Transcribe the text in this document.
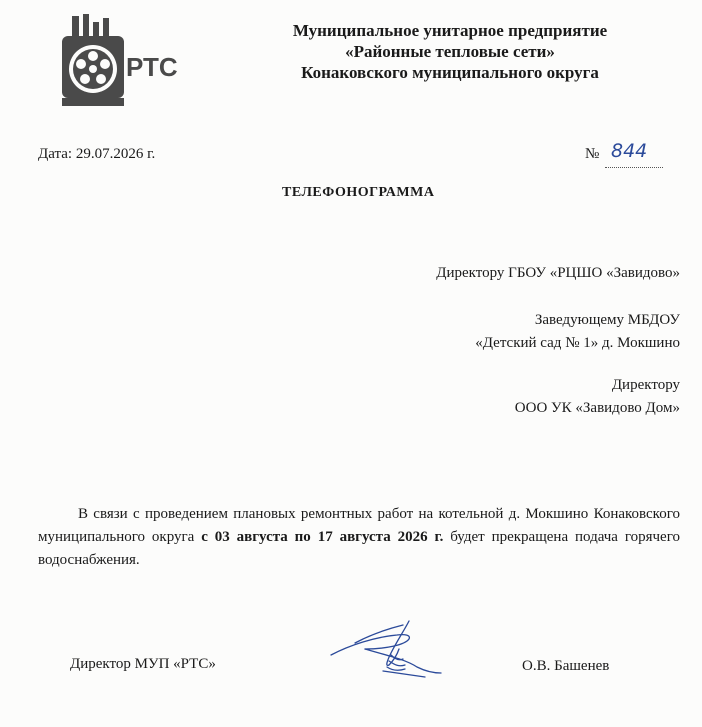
РТС
Муниципальное унитарное предприятие
«Районные тепловые сети»
Конаковского муниципального округа
Дата: 29.07.2026 г.	№ 844
ТЕЛЕФОНОГРАММА
Директору ГБОУ «РЦШО «Завидово»
Заведующему МБДОУ
«Детский сад № 1» д. Мокшино
Директору
ООО УК «Завидово Дом»
В связи с проведением плановых ремонтных работ на котельной д. Мокшино Конаковского муниципального округа с 03 августа по 17 августа 2026 г. будет прекращена подача горячего водоснабжения.
Директор МУП «РТС»	О.В. Башенев
